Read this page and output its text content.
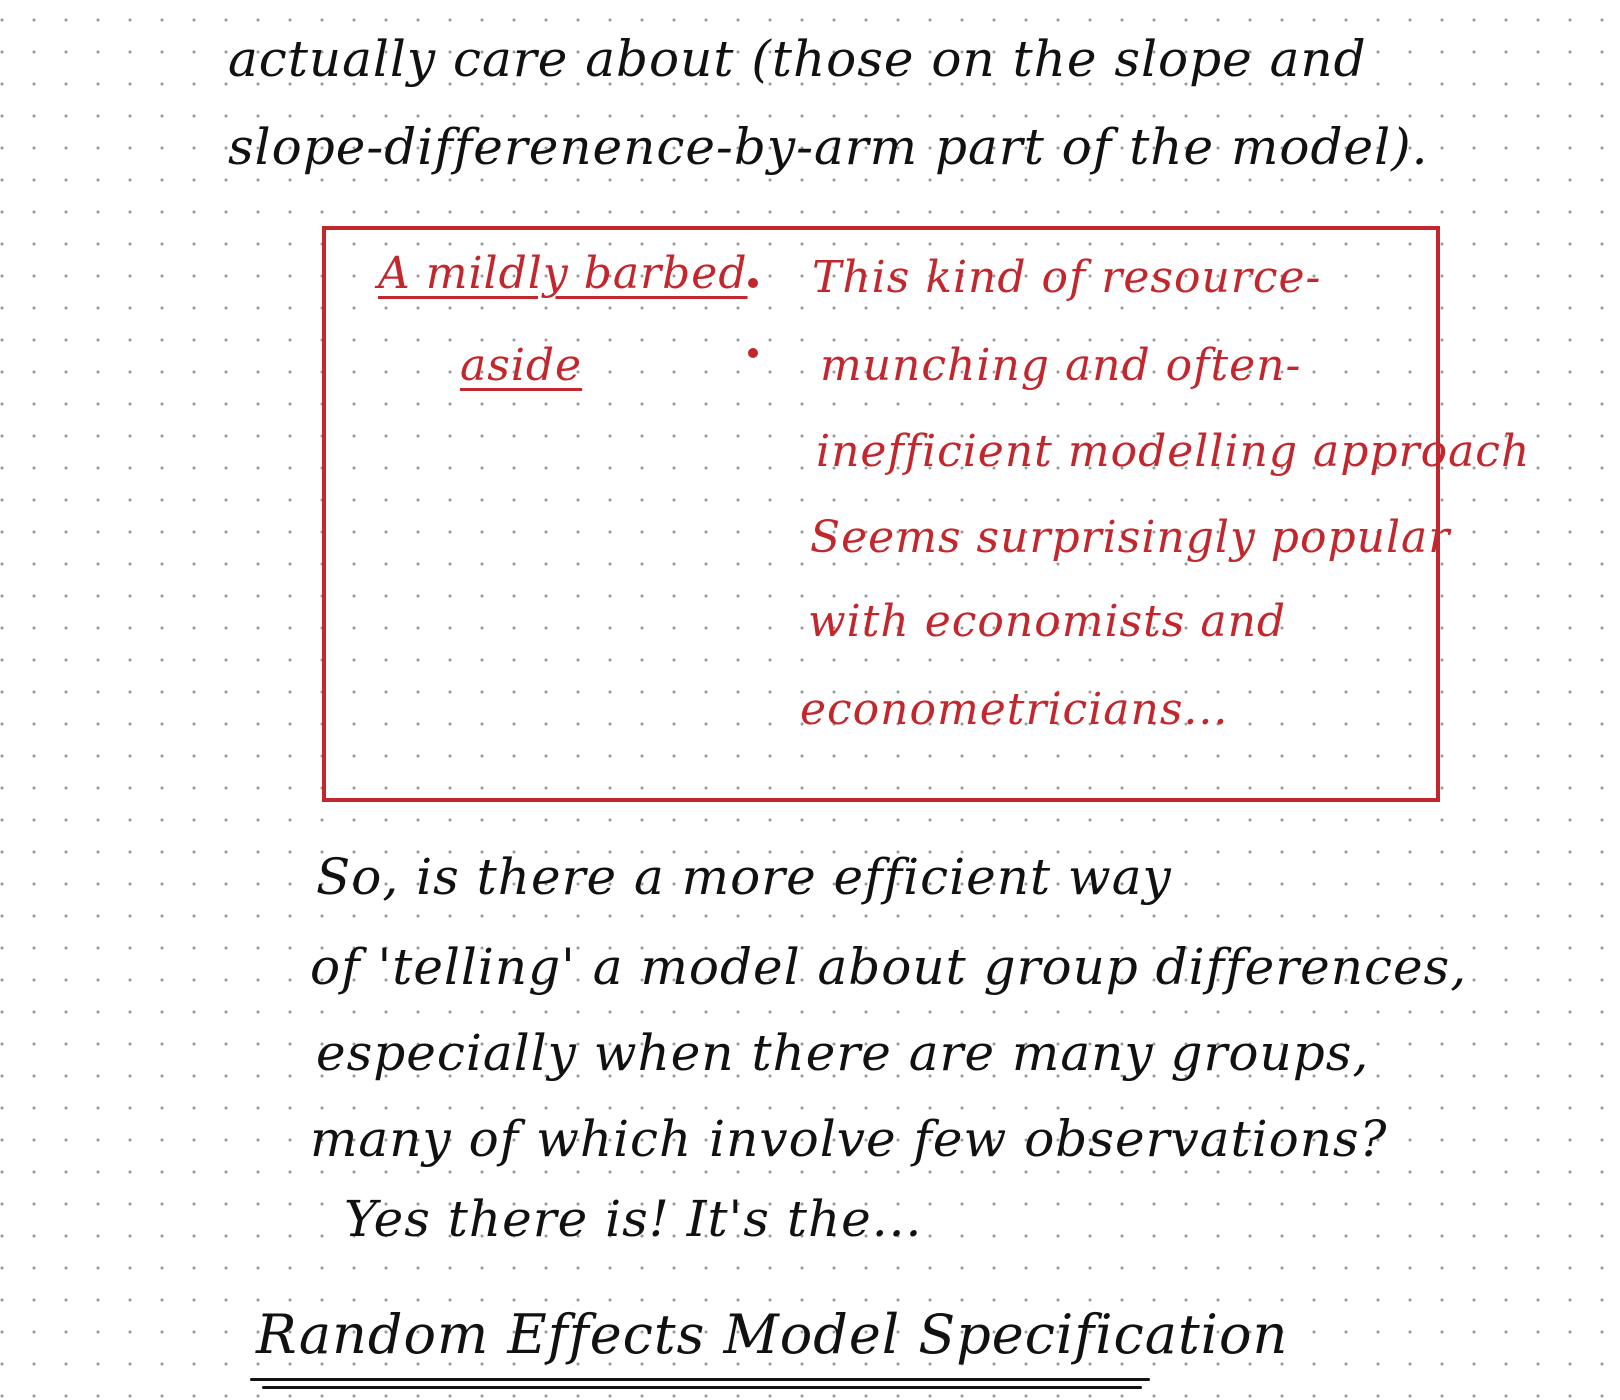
actually care about (those on the slope and
slope-differenence-by-arm part of the model).
A mildly barbed
aside
This kind of resource-
munching and often-
inefficient modelling approach
Seems surprisingly popular
with economists and
econometricians...
So, is there a more efficient way
of 'telling' a model about group differences,
especially when there are many groups,
many of which involve few observations?
Yes there is! It's the...
Random Effects Model Specification
